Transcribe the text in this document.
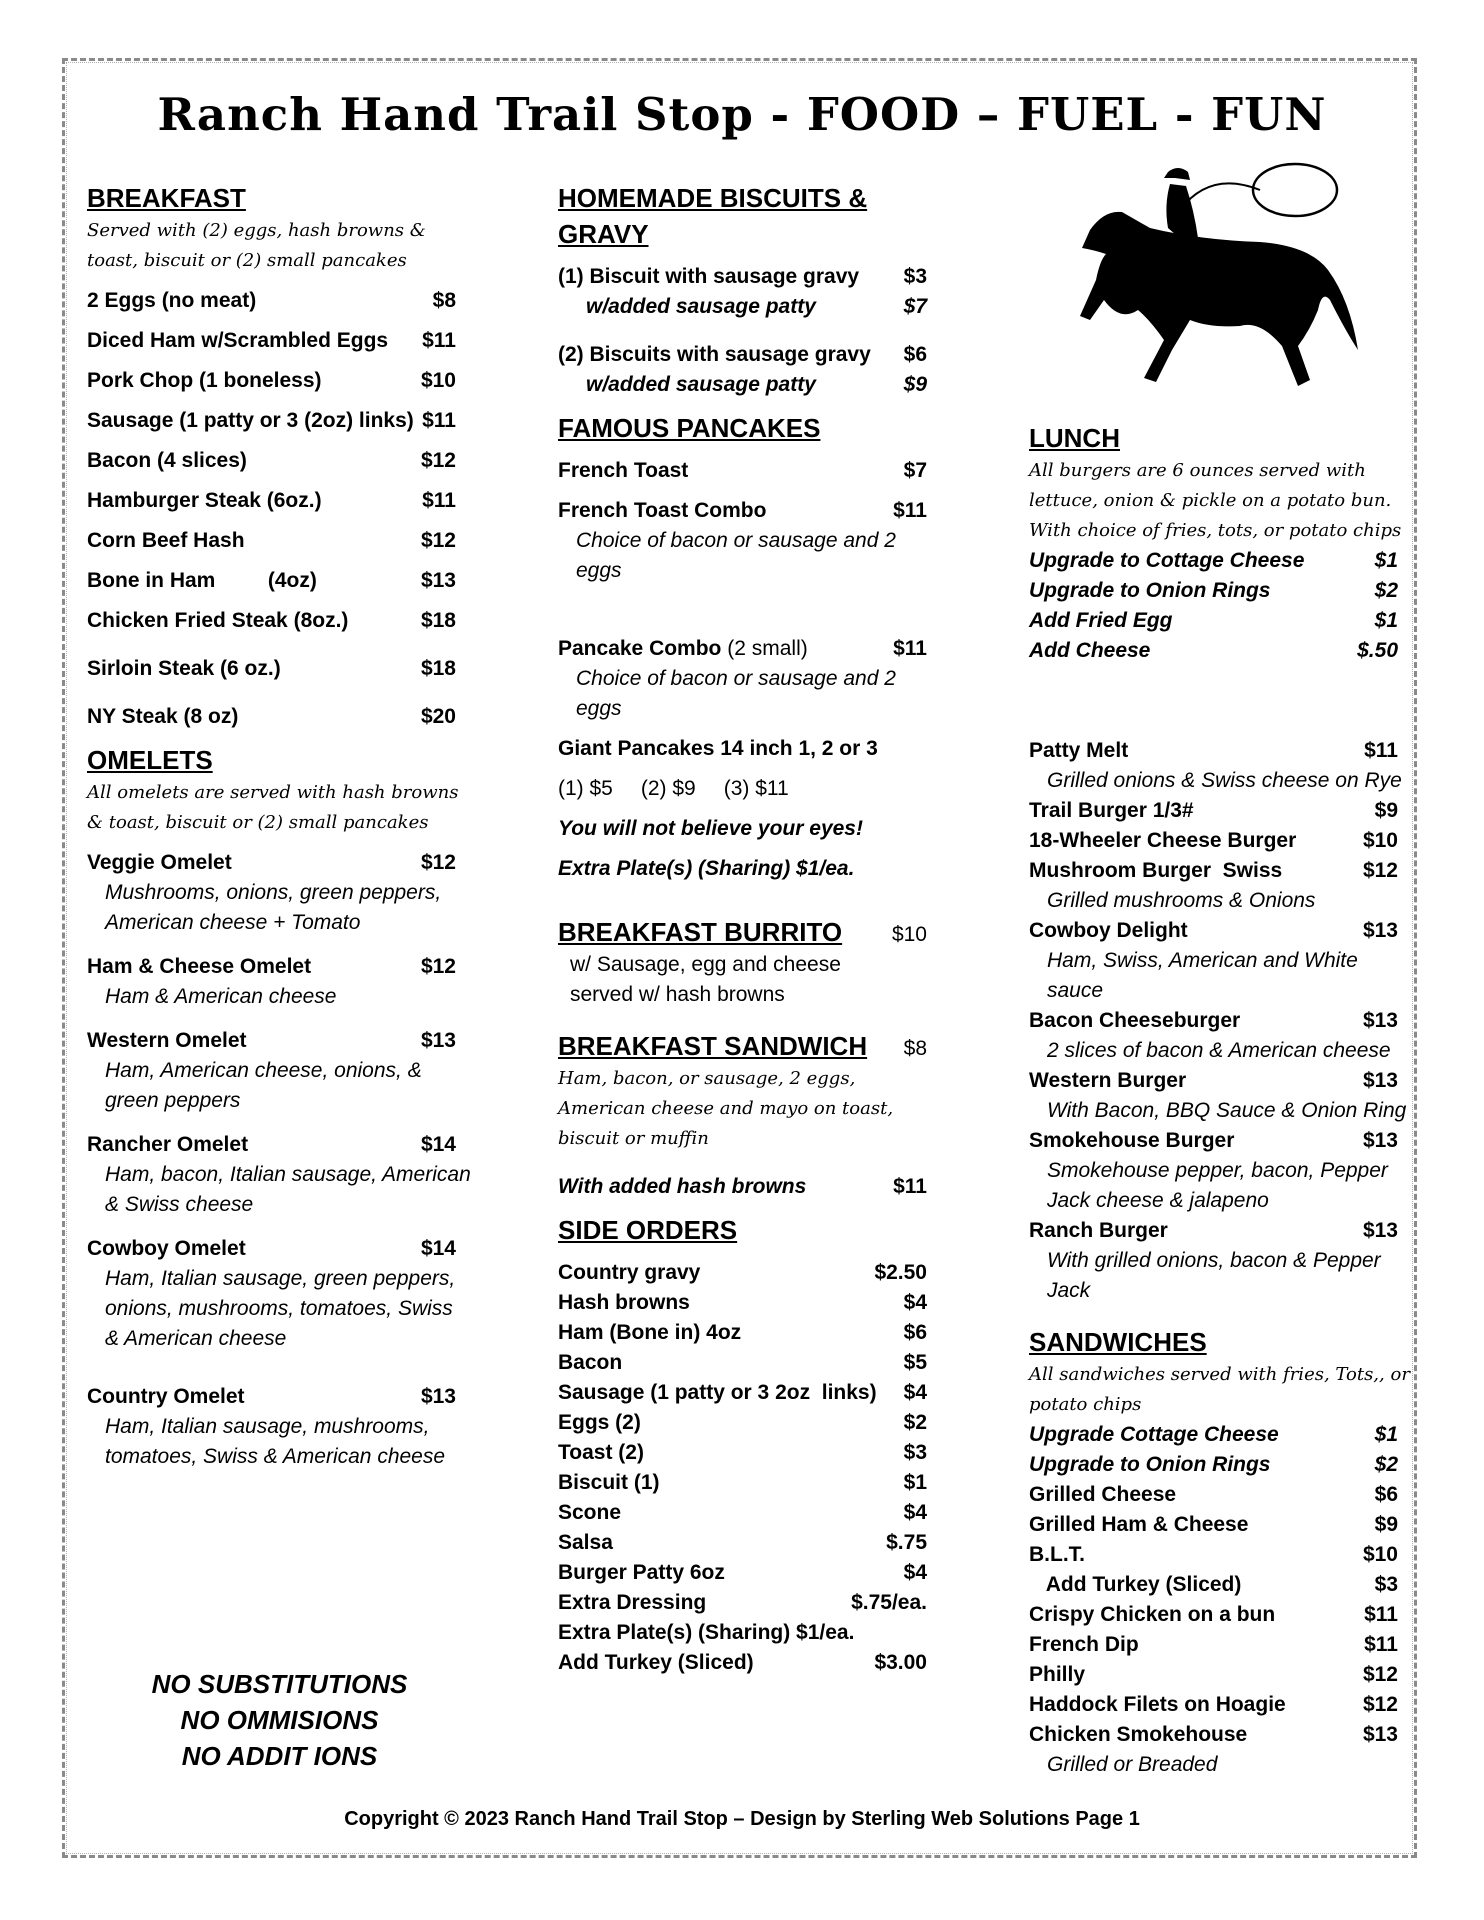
Ranch Hand Trail Stop - FOOD – FUEL - FUN
BREAKFAST
Served with (2) eggs, hash browns & toast, biscuit or (2) small pancakes
2 Eggs (no meat)	$8
Diced Ham w/Scrambled Eggs $11
Pork Chop (1 boneless)	$10
Sausage (1 patty or 3 (2oz) links) $11
Bacon (4 slices)	$12
Hamburger Steak (6oz.)	$11
Corn Beef Hash	$12
Bone in Ham         (4oz)	$13
Chicken Fried Steak (8oz.)	$18
Sirloin Steak (6 oz.)	$18
NY Steak (8 oz)	$20
OMELETS
All omelets are served with hash browns & toast, biscuit or (2) small pancakes
Veggie Omelet	$12
Mushrooms, onions, green peppers, American cheese + Tomato
Ham & Cheese Omelet	$12
Ham & American cheese
Western Omelet	$13
Ham, American cheese, onions, & green peppers
Rancher Omelet	$14
Ham, bacon, Italian sausage, American & Swiss cheese
Cowboy Omelet	$14
Ham, Italian sausage, green peppers, onions, mushrooms, tomatoes, Swiss & American cheese
Country Omelet	$13
Ham, Italian sausage, mushrooms, tomatoes, Swiss & American cheese
NO SUBSTITUTIONS
NO OMMISIONS
NO ADDIT IONS
HOMEMADE BISCUITS & GRAVY
(1) Biscuit with sausage gravy $3
w/added sausage patty	$7
(2) Biscuits with sausage gravy $6
w/added sausage patty	$9
FAMOUS PANCAKES
French Toast	$7
French Toast Combo	$11
Choice of bacon or sausage and 2 eggs
Pancake Combo (2 small)	$11
Choice of bacon or sausage and 2 eggs
Giant Pancakes 14 inch 1, 2 or 3
(1) $5 (2) $9 (3) $11
You will not believe your eyes!
Extra Plate(s) (Sharing) $1/ea.
BREAKFAST BURRITO $10
w/ Sausage, egg and cheese
served w/ hash browns
BREAKFAST SANDWICH $8
Ham, bacon, or sausage, 2 eggs, American cheese and mayo on toast, biscuit or muffin
With added hash browns	$11
SIDE ORDERS
Country gravy	$2.50
Hash browns	$4
Ham (Bone in) 4oz	$6
Bacon	$5
Sausage (1 patty or 3 2oz  links) $4
Eggs (2)	$2
Toast (2)	$3
Biscuit (1)	$1
Scone	$4
Salsa	$.75
Burger Patty 6oz	$4
Extra Dressing	$.75/ea.
Extra Plate(s) (Sharing) $1/ea.
Add Turkey (Sliced)	$3.00
LUNCH
All burgers are 6 ounces served with lettuce, onion & pickle on a potato bun. With choice of fries, tots, or potato chips
Upgrade to Cottage Cheese	$1
Upgrade to Onion Rings	$2
Add Fried Egg	$1
Add Cheese	$.50
Patty Melt	$11
Grilled onions & Swiss cheese on Rye
Trail Burger 1/3#	$9
18-Wheeler Cheese Burger	$10
Mushroom Burger  Swiss	$12
Grilled mushrooms & Onions
Cowboy Delight	$13
Ham, Swiss, American and White sauce
Bacon Cheeseburger	$13
2 slices of bacon & American cheese
Western Burger	$13
With Bacon, BBQ Sauce & Onion Ring
Smokehouse Burger	$13
Smokehouse pepper, bacon, Pepper Jack cheese & jalapeno
Ranch Burger	$13
With grilled onions, bacon & Pepper Jack
SANDWICHES
All sandwiches served with fries, Tots,, or potato chips
Upgrade Cottage Cheese	$1
Upgrade to Onion Rings	$2
Grilled Cheese	$6
Grilled Ham & Cheese	$9
B.L.T.	$10
Add Turkey (Sliced)	$3
Crispy Chicken on a bun	$11
French Dip	$11
Philly	$12
Haddock Filets on Hoagie	$12
Chicken Smokehouse	$13
Grilled or Breaded
Copyright © 2023 Ranch Hand Trail Stop – Design by Sterling Web Solutions Page 1
